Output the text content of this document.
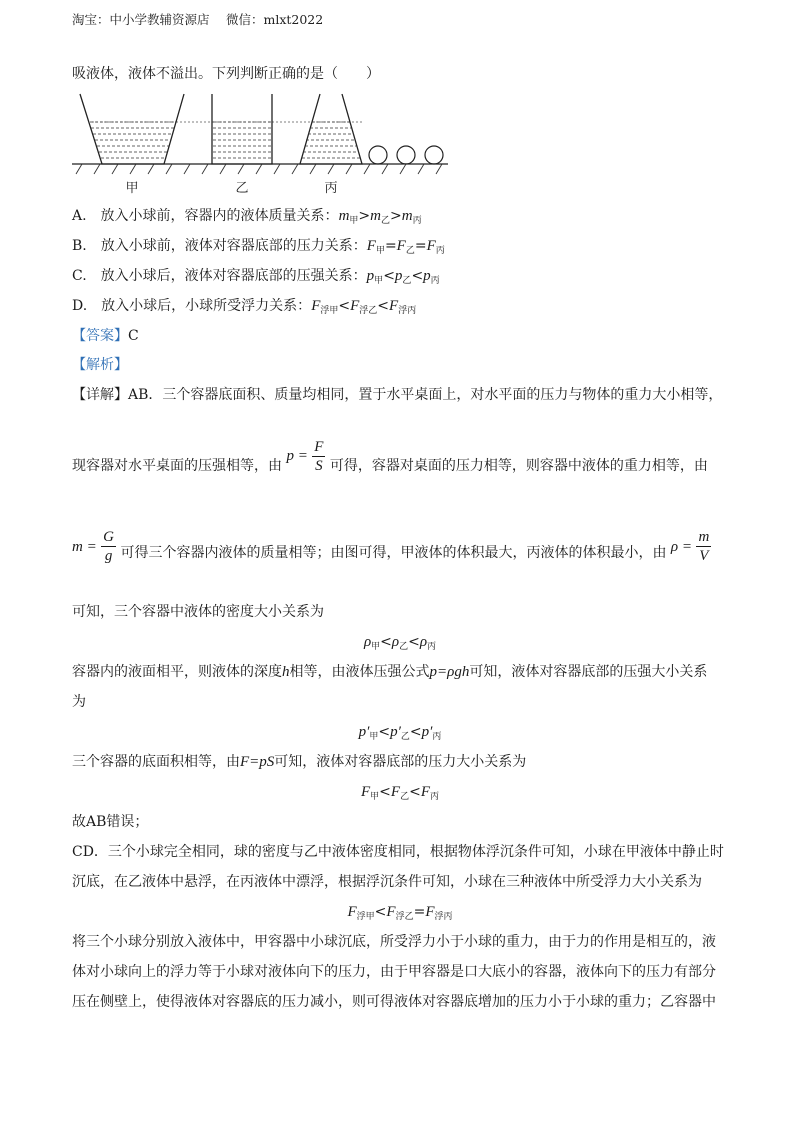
淘宝：中小学教辅资源店　 微信：mlxt2022
吸液体，液体不溢出。下列判断正确的是（　　）
甲	乙	丙
A.　放入小球前，容器内的液体质量关系：$m_甲>m_乙>m_丙$
B.　放入小球前，液体对容器底部的压力关系：$F_甲=F_乙=F_丙$
C.　放入小球后，液体对容器底部的压强关系：$p_甲<p_乙<p_丙$
D.　放入小球后，小球所受浮力关系：$F_{浮甲}<F_{浮乙}<F_{浮丙}$
【答案】C
【解析】
【详解】AB．三个容器底面积、质量均相同，置于水平桌面上，对水平面的压力与物体的重力大小相等，
现容器对水平桌面的压强相等，由 $p = \frac{F}{S}$ 可得，容器对桌面的压力相等，则容器中液体的重力相等，由
$m = \frac{G}{g}$ 可得三个容器内液体的质量相等；由图可得，甲液体的体积最大，丙液体的体积最小，由 $\rho = \frac{m}{V}$
可知，三个容器中液体的密度大小关系为
$\rho_甲<\rho_乙<\rho_丙$
容器内的液面相平，则液体的深度h相等，由液体压强公式p=ρgh可知，液体对容器底部的压强大小关系
为
$p'_甲<p'_乙<p'_丙$
三个容器的底面积相等，由F=pS可知，液体对容器底部的压力大小关系为
$F_甲<F_乙<F_丙$
故AB错误；
CD．三个小球完全相同，球的密度与乙中液体密度相同，根据物体浮沉条件可知，小球在甲液体中静止时
沉底，在乙液体中悬浮，在丙液体中漂浮，根据浮沉条件可知，小球在三种液体中所受浮力大小关系为
$F_{浮甲}<F_{浮乙}=F_{浮丙}$
将三个小球分别放入液体中，甲容器中小球沉底，所受浮力小于小球的重力，由于力的作用是相互的，液
体对小球向上的浮力等于小球对液体向下的压力，由于甲容器是口大底小的容器，液体向下的压力有部分
压在侧壁上，使得液体对容器底的压力减小，则可得液体对容器底增加的压力小于小球的重力；乙容器中
